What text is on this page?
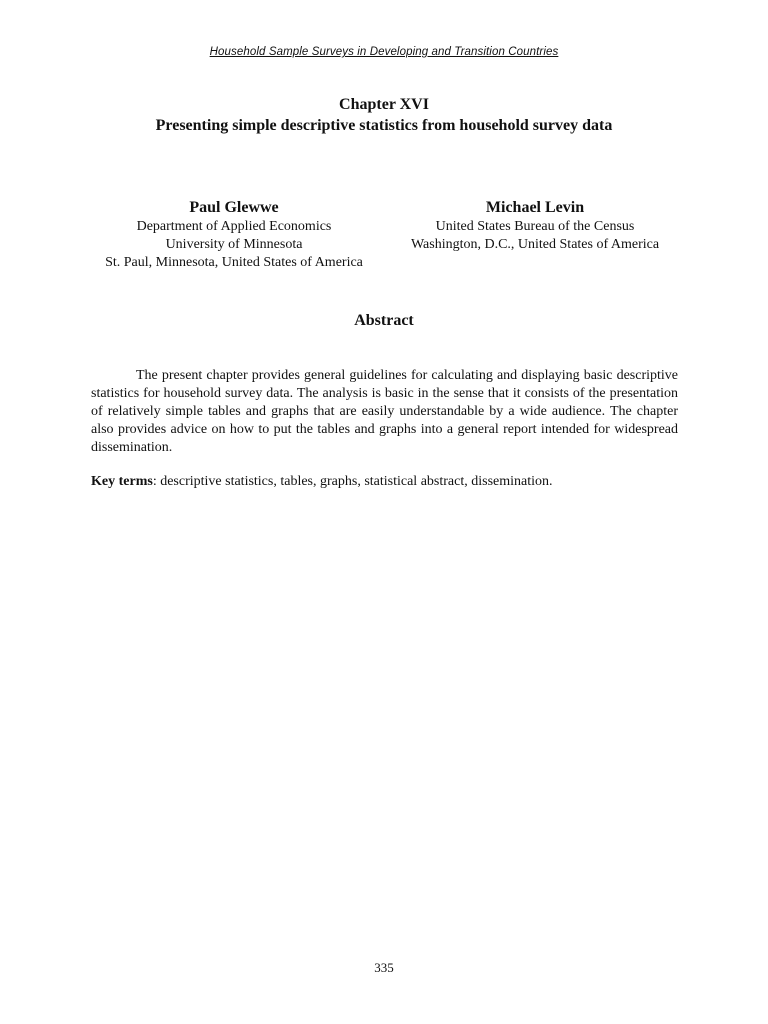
Household Sample Surveys in Developing and Transition Countries
Chapter XVI
Presenting simple descriptive statistics from household survey data
Paul Glewwe
Department of Applied Economics
University of Minnesota
St. Paul, Minnesota, United States of America
Michael Levin
United States Bureau of the Census
Washington, D.C., United States of America
Abstract

The present chapter provides general guidelines for calculating and displaying basic descriptive statistics for household survey data. The analysis is basic in the sense that it consists of the presentation of relatively simple tables and graphs that are easily understandable by a wide audience. The chapter also provides advice on how to put the tables and graphs into a general report intended for widespread dissemination.

Key terms: descriptive statistics, tables, graphs, statistical abstract, dissemination.

335
